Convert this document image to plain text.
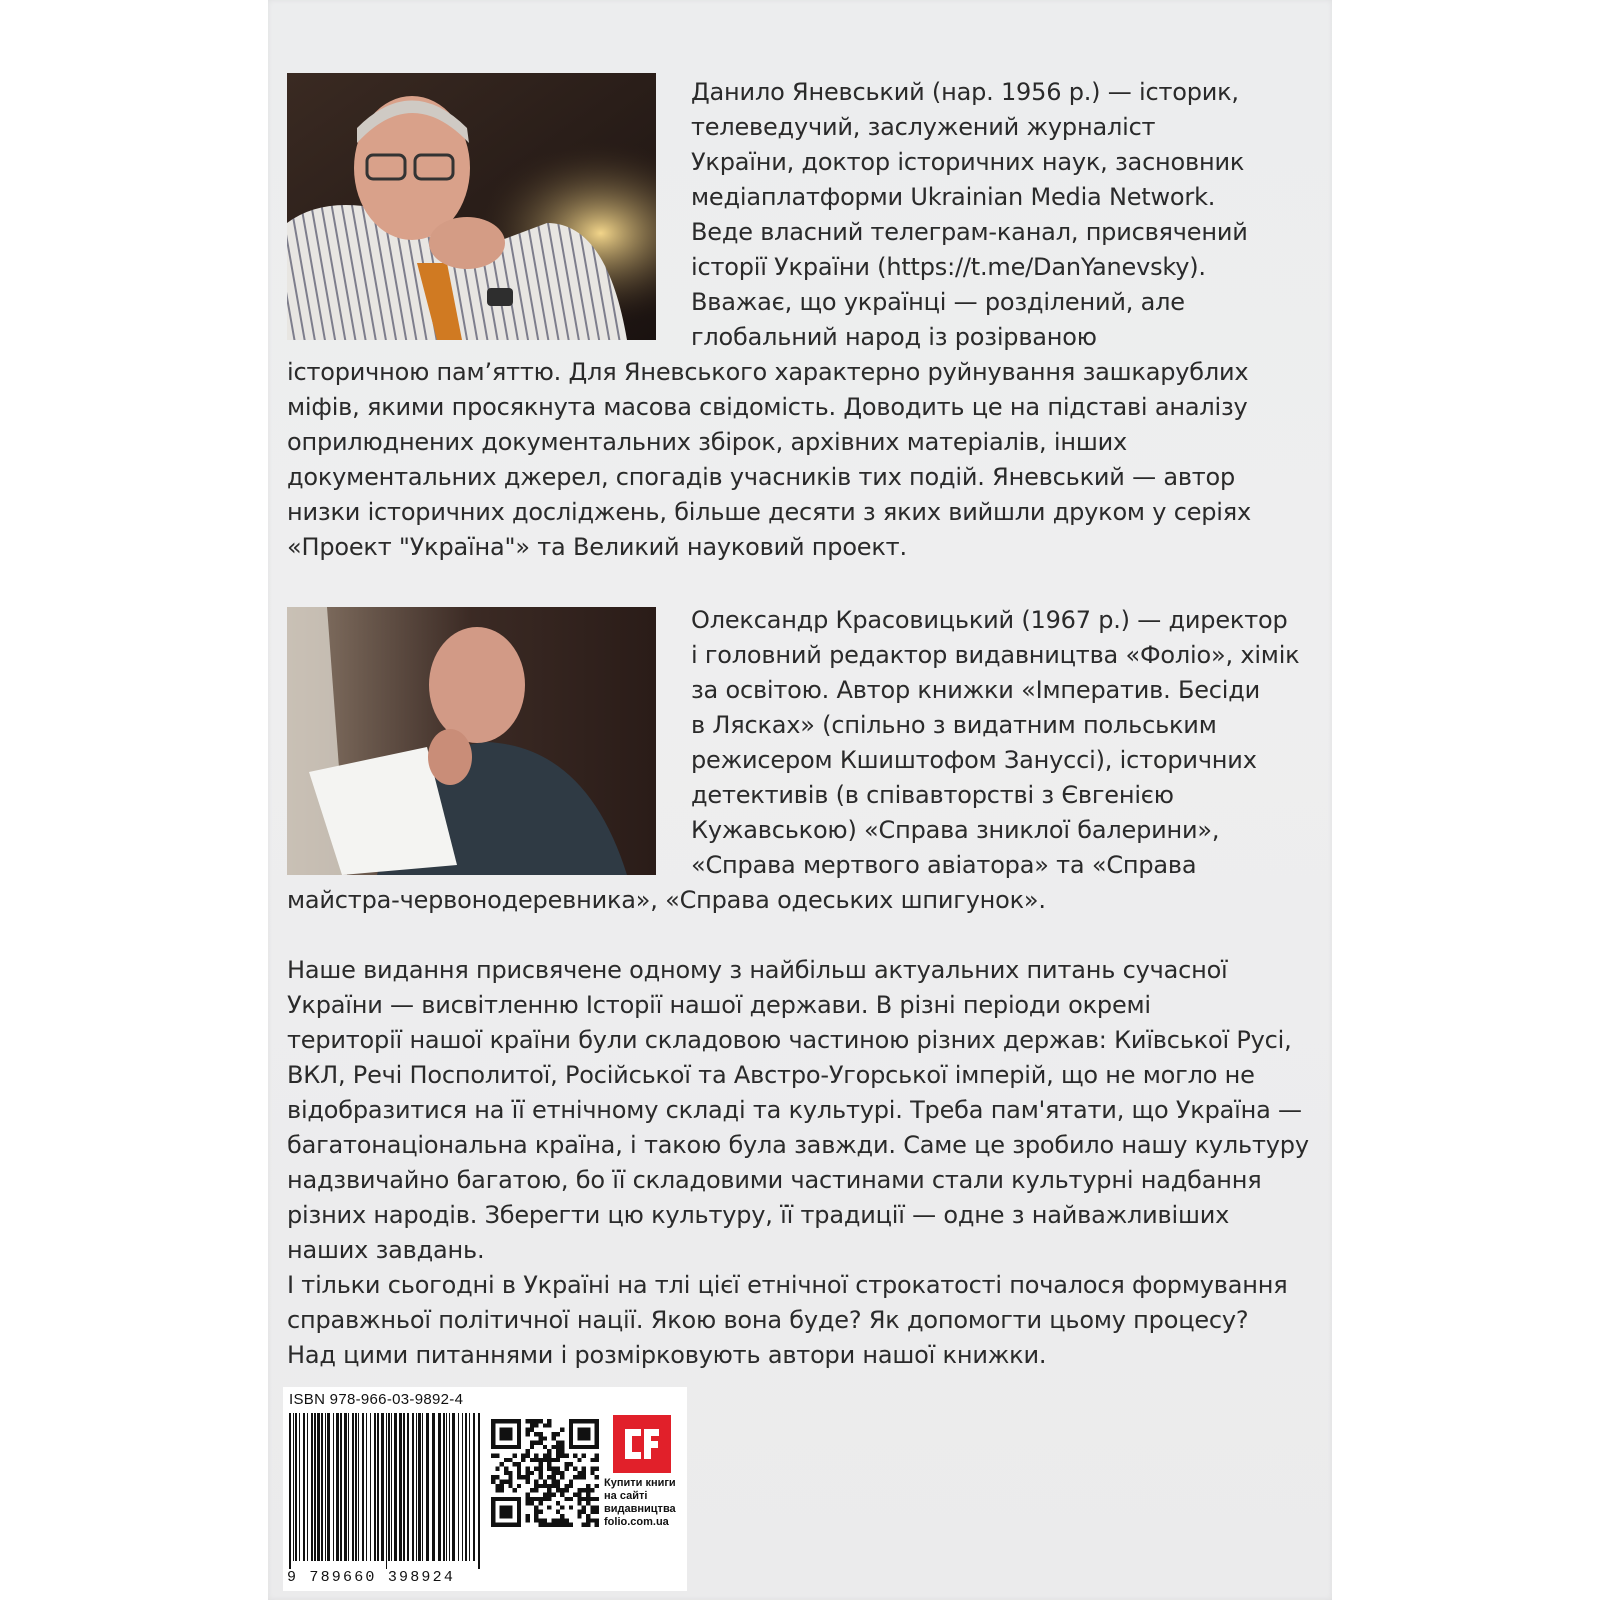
Данило Яневський (нар. 1956 р.) — історик,
телеведучий, заслужений журналіст
України, доктор історичних наук, засновник
медіаплатформи Ukrainian Media Network.
Веде власний телеграм-канал, присвячений
історії України (https://t.me/DanYanevsky).
Вважає, що українці — розділений, але
глобальний народ із розірваною

історичною пам’яттю. Для Яневського характерно руйнування зашкарублих
міфів, якими просякнута масова свідомість. Доводить це на підставі аналізу
оприлюднених документальних збірок, архівних матеріалів, інших
документальних джерел, спогадів учасників тих подій. Яневський — автор
низки історичних досліджень, більше десяти з яких вийшли друком у серіях
«Проект "Україна"» та Великий науковий проект.

Олександр Красовицький (1967 р.) — директор
і головний редактор видавництва «Фоліо», хімік
за освітою. Автор книжки «Імператив. Бесіди
в Лясках» (спільно з видатним польським
режисером Кшиштофом Занусcі), історичних
детективів (в співавторстві з Євгенією
Кужавською) «Справа зниклої балерини»,
«Справа мертвого авіатора» та «Справа

майстра-червонодеревника», «Справа одеських шпигунок».

Наше видання присвячене одному з найбільш актуальних питань сучасної
України — висвітленню Історії нашої держави. В різні періоди окремі
території нашої країни були складовою частиною різних держав: Київської Русі,
ВКЛ, Речі Посполитої, Російської та Австро-Угорської імперій, що не могло не
відобразитися на її етнічному складі та культурі. Треба пам'ятати, що Україна —
багатонаціональна країна, і такою була завжди. Саме це зробило нашу культуру
надзвичайно багатою, бо її складовими частинами стали культурні надбання
різних народів. Зберегти цю культуру, її традиції — одне з найважливіших
наших завдань.
І тільки сьогодні в Україні на тлі цієї етнічної строкатості почалося формування
справжньої політичної нації. Якою вона буде? Як допомогти цьому процесу?
Над цими питаннями і розмірковують автори нашої книжки.

ISBN 978-966-03-9892-4
9 789660 398924
Купити книги
на сайті
видавництва
folio.com.ua
